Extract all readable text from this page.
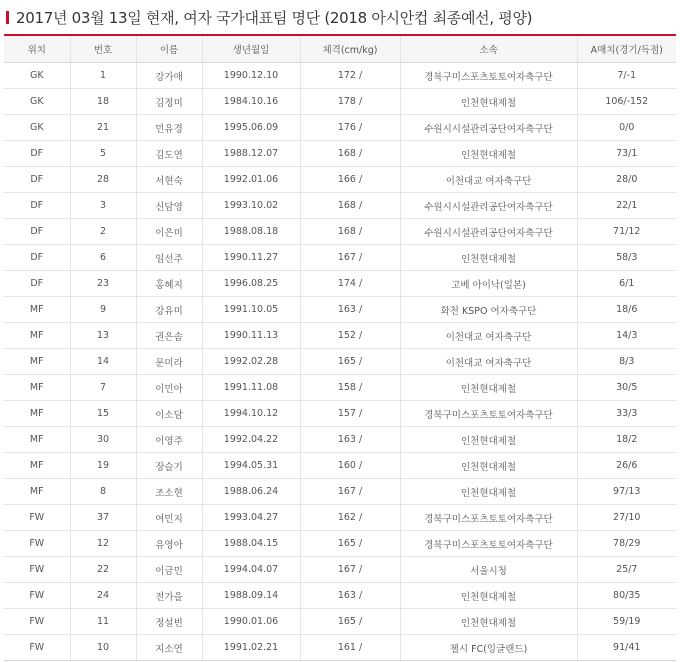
2017년 03월 13일 현재, 여자 국가대표팀 명단 (2018 아시안컵 최종예선, 평양)
위치	번호	이름	생년월일	체격(cm/kg)	소속	A매치(경기/득점)
GK	1	강가애	1990.12.10	172 /	경북구미스포츠토토여자축구단	7/-1
GK	18	김정미	1984.10.16	178 /	인천현대제철	106/-152
GK	21	민유경	1995.06.09	176 /	수원시시설관리공단여자축구단	0/0
DF	5	김도연	1988.12.07	168 /	인천현대제철	73/1
DF	28	서현숙	1992.01.06	166 /	이천대교 여자축구단	28/0
DF	3	신담영	1993.10.02	168 /	수원시시설관리공단여자축구단	22/1
DF	2	이은미	1988.08.18	168 /	수원시시설관리공단여자축구단	71/12
DF	6	임선주	1990.11.27	167 /	인천현대제철	58/3
DF	23	홍혜지	1996.08.25	174 /	고베 아이낙(일본)	6/1
MF	9	강유미	1991.10.05	163 /	화천 KSPO 여자축구단	18/6
MF	13	권은솜	1990.11.13	152 /	이천대교 여자축구단	14/3
MF	14	문미라	1992.02.28	165 /	이천대교 여자축구단	8/3
MF	7	이민아	1991.11.08	158 /	인천현대제철	30/5
MF	15	이소담	1994.10.12	157 /	경북구미스포츠토토여자축구단	33/3
MF	30	이영주	1992.04.22	163 /	인천현대제철	18/2
MF	19	장슬기	1994.05.31	160 /	인천현대제철	26/6
MF	8	조소현	1988.06.24	167 /	인천현대제철	97/13
FW	37	여민지	1993.04.27	162 /	경북구미스포츠토토여자축구단	27/10
FW	12	유영아	1988.04.15	165 /	경북구미스포츠토토여자축구단	78/29
FW	22	이금민	1994.04.07	167 /	서울시청	25/7
FW	24	전가을	1988.09.14	163 /	인천현대제철	80/35
FW	11	정설빈	1990.01.06	165 /	인천현대제철	59/19
FW	10	지소연	1991.02.21	161 /	첼시 FC(잉글랜드)	91/41
